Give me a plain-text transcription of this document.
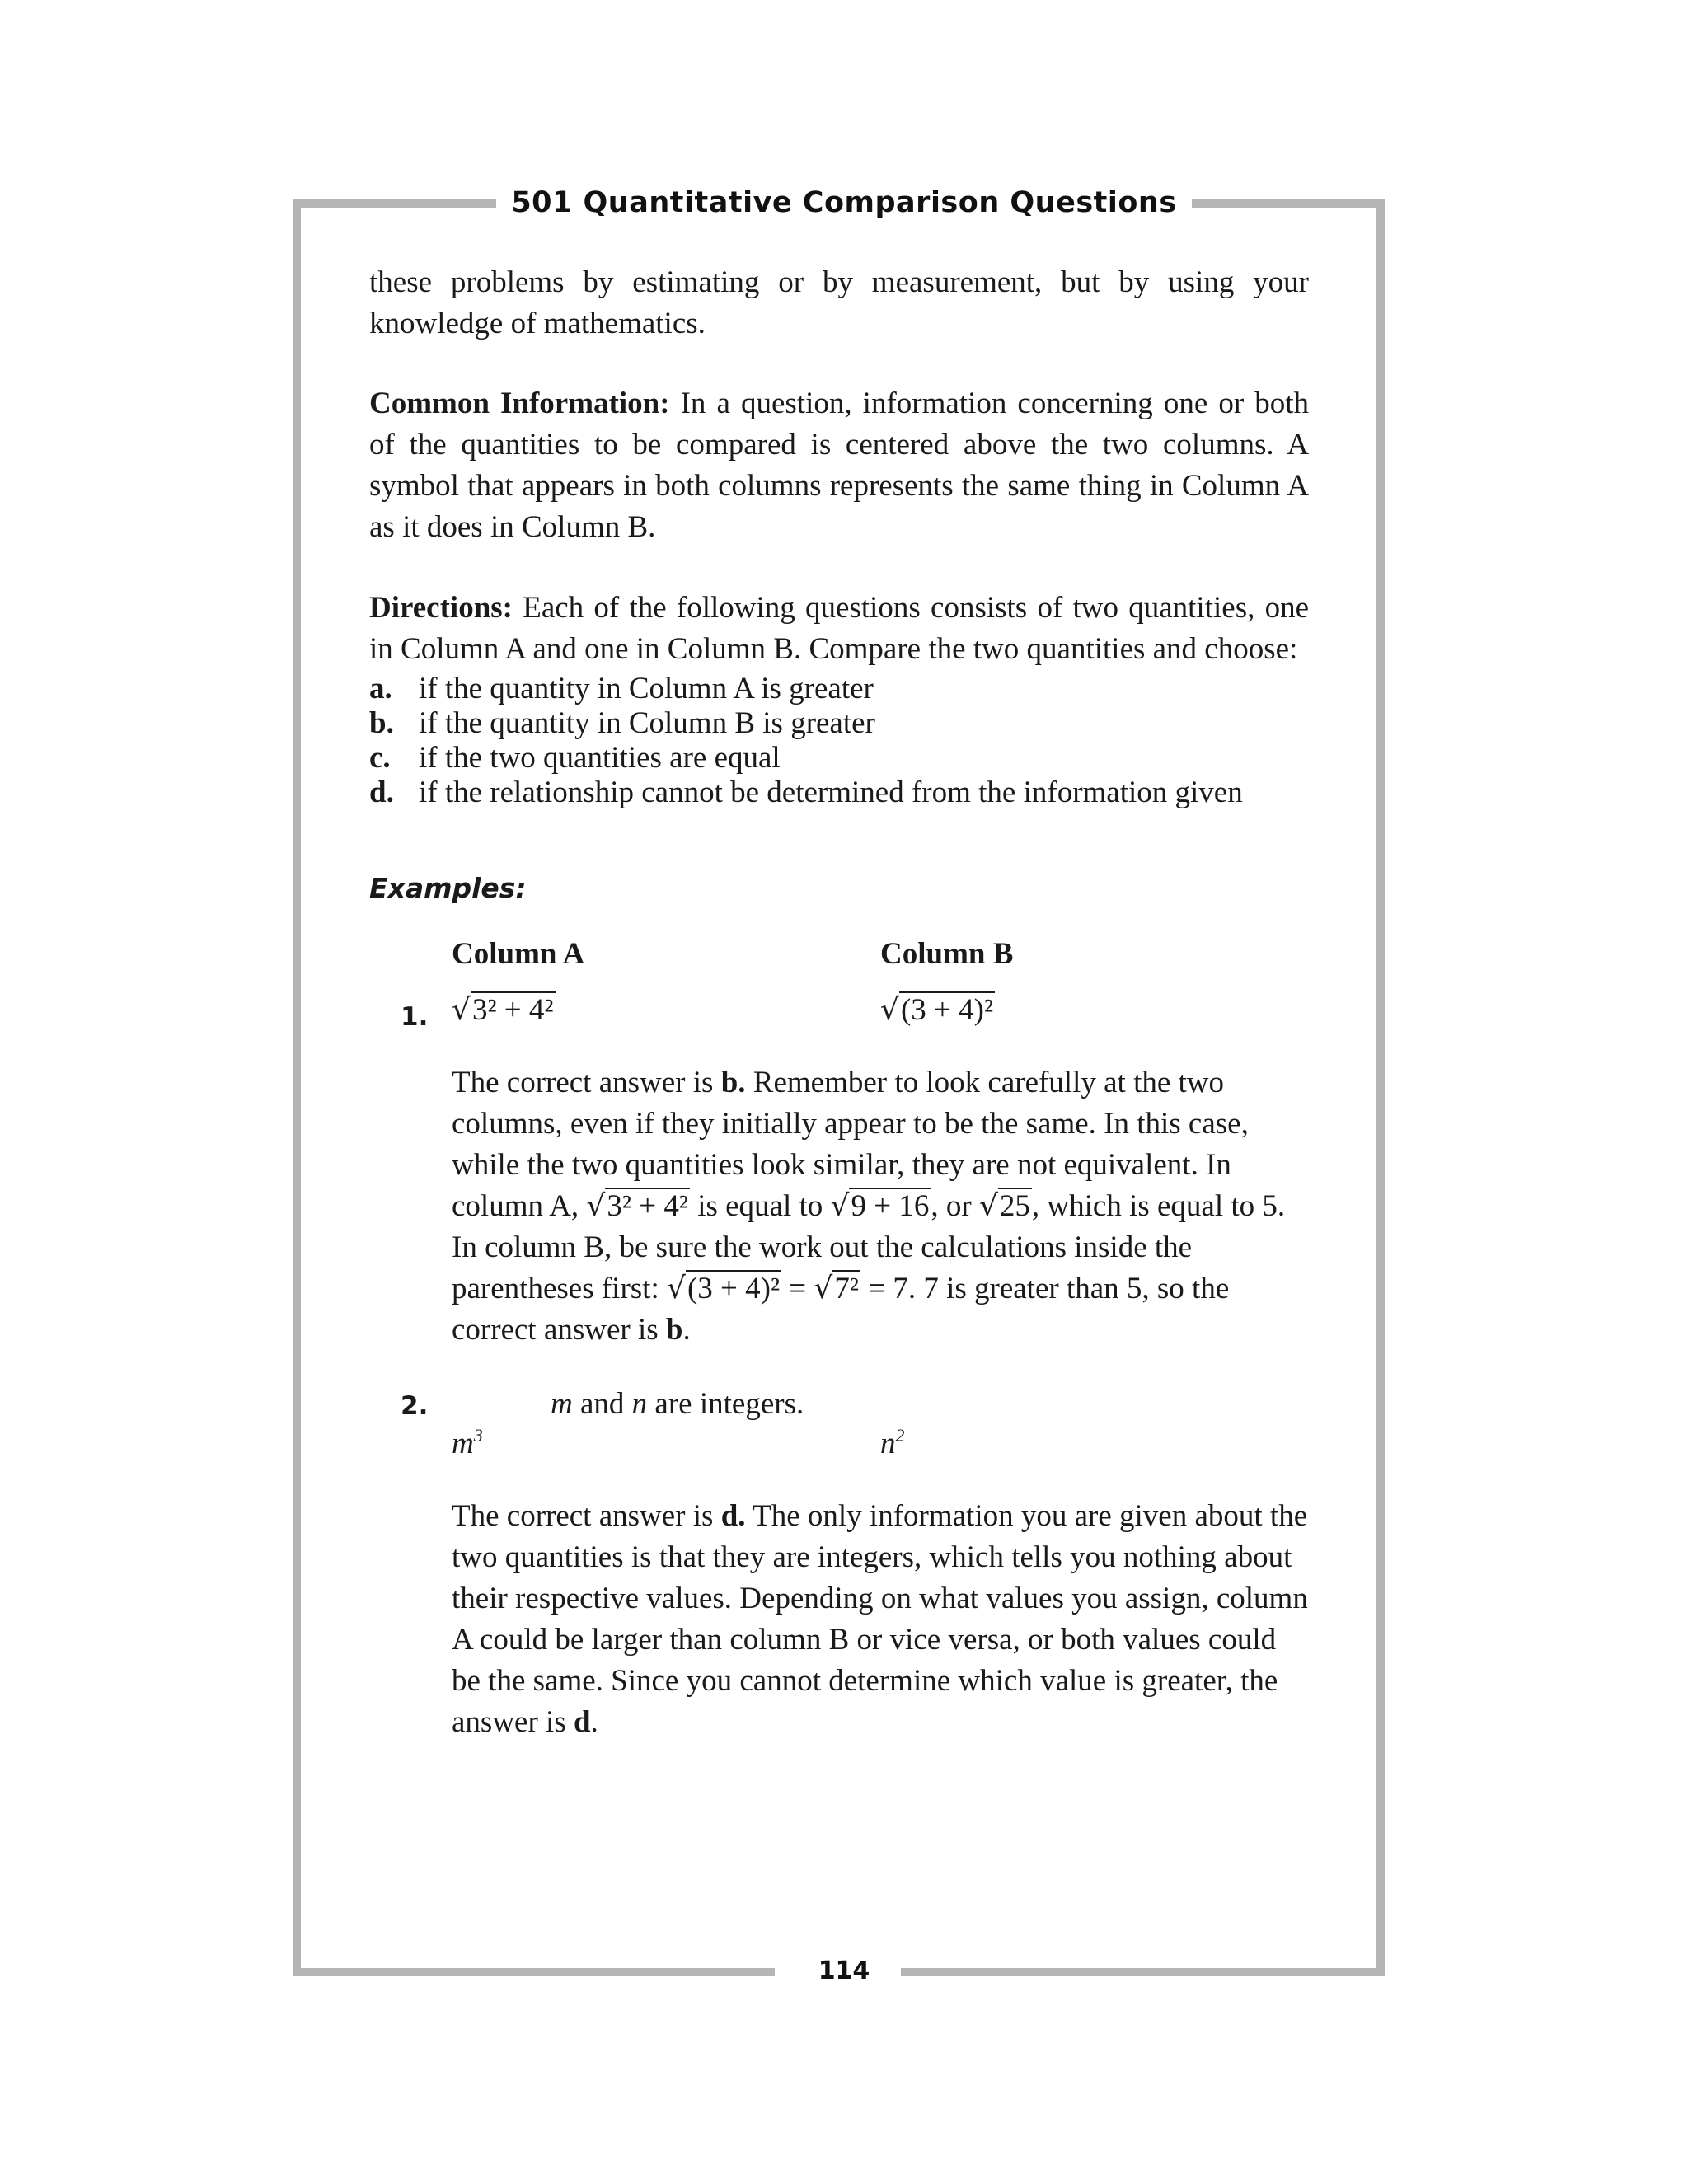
501 Quantitative Comparison Questions

these problems by estimating or by measurement, but by using your knowledge of mathematics.

Common Information: In a question, information concerning one or both of the quantities to be compared is centered above the two columns. A symbol that appears in both columns represents the same thing in Column A as it does in Column B.

Directions: Each of the following questions consists of two quantities, one in Column A and one in Column B. Compare the two quantities and choose:

a. if the quantity in Column A is greater
b. if the quantity in Column B is greater
c. if the two quantities are equal
d. if the relationship cannot be determined from the information given
Examples:
Column A	Column B
1. √3² + 4²	√(3 + 4)²

The correct answer is b. Remember to look carefully at the two columns, even if they initially appear to be the same. In this case, while the two quantities look similar, they are not equivalent. In column A, √3² + 4² is equal to √9 + 16, or √25, which is equal to 5. In column B, be sure the work out the calculations inside the parentheses first: √(3 + 4)² = √7² = 7. 7 is greater than 5, so the correct answer is b.

2.	m and n are integers.
$m^3$	$n^2$

The correct answer is d. The only information you are given about the two quantities is that they are integers, which tells you nothing about their respective values. Depending on what values you assign, column A could be larger than column B or vice versa, or both values could be the same. Since you cannot determine which value is greater, the answer is d.

114
